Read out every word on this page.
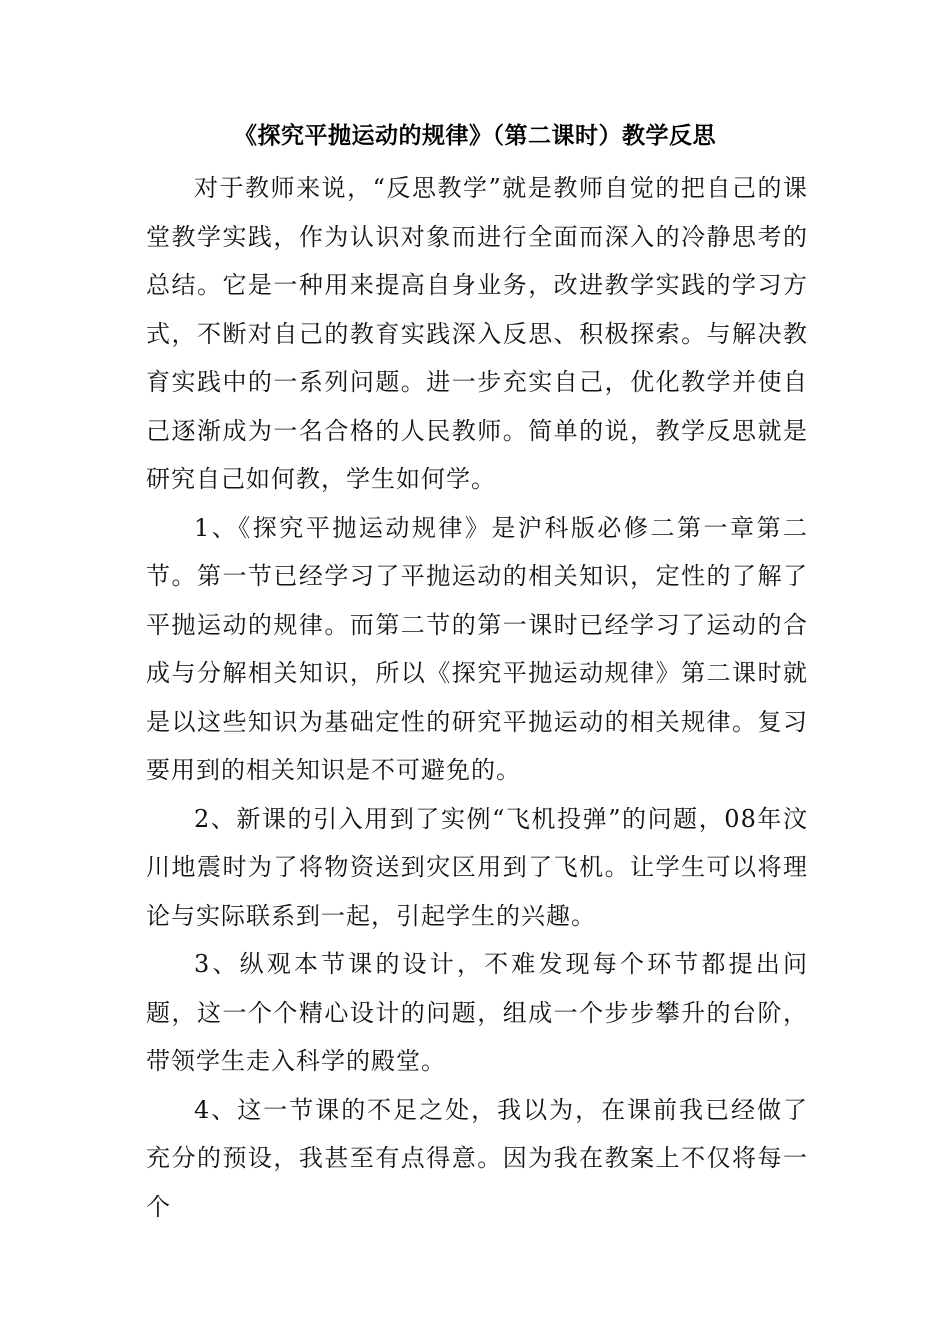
《探究平抛运动的规律》（第二课时）教学反思

对于教师来说，“反思教学”就是教师自觉的把自己的课堂教学实践，作为认识对象而进行全面而深入的冷静思考的总结。它是一种用来提高自身业务，改进教学实践的学习方式，不断对自己的教育实践深入反思、积极探索。与解决教育实践中的一系列问题。进一步充实自己，优化教学并使自己逐渐成为一名合格的人民教师。简单的说，教学反思就是研究自己如何教，学生如何学。

1、《探究平抛运动规律》是沪科版必修二第一章第二节。第一节已经学习了平抛运动的相关知识，定性的了解了平抛运动的规律。而第二节的第一课时已经学习了运动的合成与分解相关知识，所以《探究平抛运动规律》第二课时就是以这些知识为基础定性的研究平抛运动的相关规律。复习要用到的相关知识是不可避免的。

2、新课的引入用到了实例“飞机投弹”的问题，08年汶川地震时为了将物资送到灾区用到了飞机。让学生可以将理论与实际联系到一起，引起学生的兴趣。

3、纵观本节课的设计，不难发现每个环节都提出问题，这一个个精心设计的问题，组成一个步步攀升的台阶，带领学生走入科学的殿堂。

4、这一节课的不足之处，我以为，在课前我已经做了充分的预设，我甚至有点得意。因为我在教案上不仅将每一个
